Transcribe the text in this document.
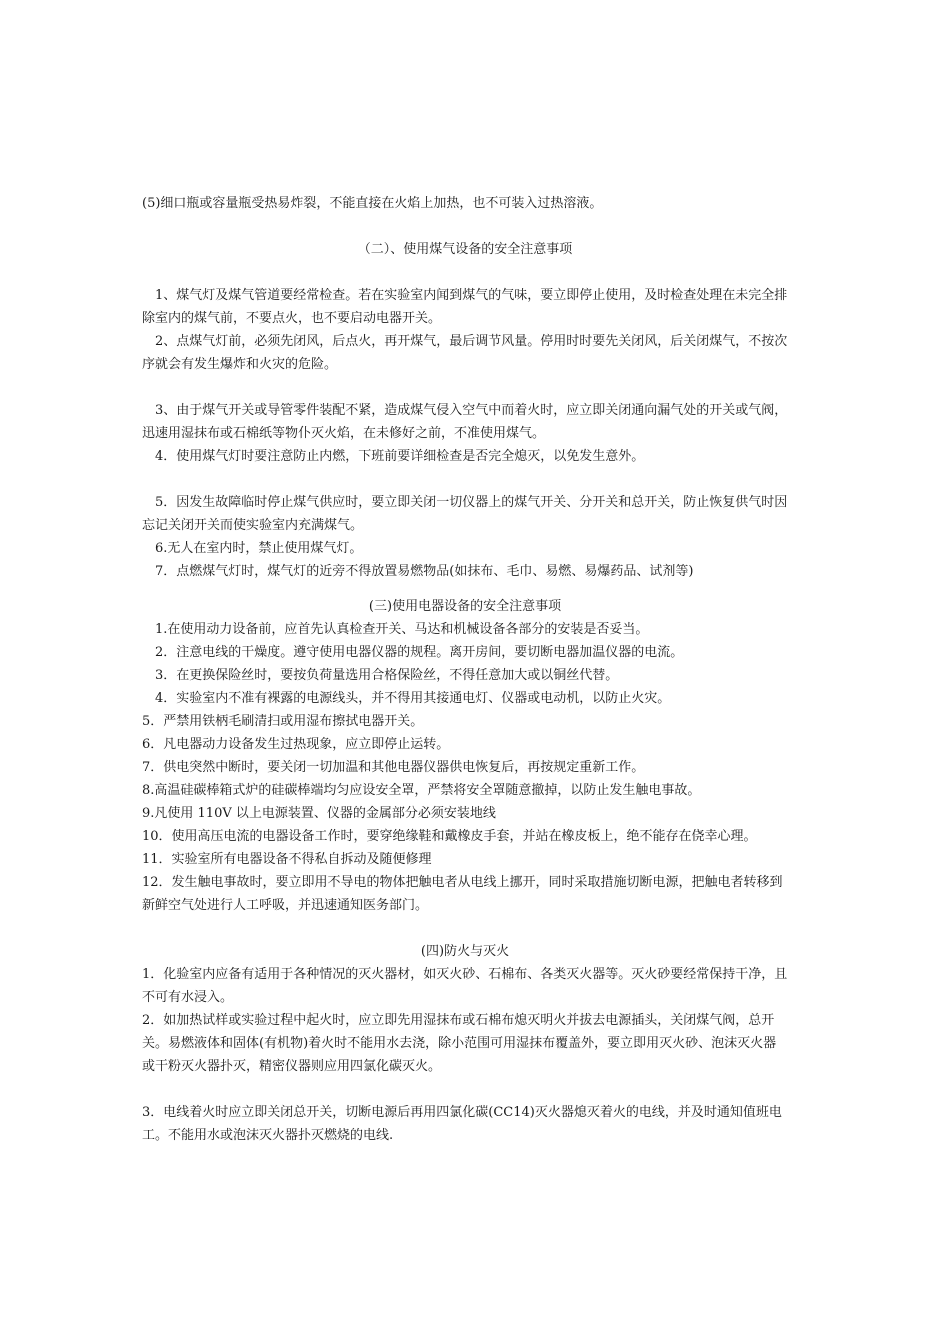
(5)细口瓶或容量瓶受热易炸裂，不能直接在火焰上加热，也不可装入过热溶液。

（二）、使用煤气设备的安全注意事项

1、煤气灯及煤气管道要经常检查。若在实验室内闻到煤气的气味，要立即停止使用，及时检查处理在未完全排除室内的煤气前，不要点火，也不要启动电器开关。

2、点煤气灯前，必须先闭风，后点火，再开煤气，最后调节风量。停用时时要先关闭风，后关闭煤气，不按次序就会有发生爆炸和火灾的危险。

3、由于煤气开关或导管零件装配不紧，造成煤气侵入空气中而着火时，应立即关闭通向漏气处的开关或气阀，迅速用湿抹布或石棉纸等物仆灭火焰，在未修好之前，不准使用煤气。

4．使用煤气灯时要注意防止内燃，下班前要详细检查是否完全熄灭，以免发生意外。

5．因发生故障临时停止煤气供应时，要立即关闭一切仪器上的煤气开关、分开关和总开关，防止恢复供气时因忘记关闭开关而使实验室内充满煤气。

6.无人在室内时，禁止使用煤气灯。

7．点燃煤气灯时，煤气灯的近旁不得放置易燃物品(如抹布、毛巾、易燃、易爆药品、试剂等)

(三)使用电器设备的安全注意事项

1.在使用动力设备前，应首先认真检查开关、马达和机械设备各部分的安装是否妥当。

2．注意电线的干燥度。遵守使用电器仪器的规程。离开房间，要切断电器加温仪器的电流。

3．在更换保险丝时，要按负荷量选用合格保险丝，不得任意加大或以铜丝代替。

4．实验室内不准有裸露的电源线头，并不得用其接通电灯、仪器或电动机，以防止火灾。

5．严禁用铁柄毛刷清扫或用湿布擦拭电器开关。

6．凡电器动力设备发生过热现象，应立即停止运转。

7．供电突然中断时，要关闭一切加温和其他电器仪器供电恢复后，再按规定重新工作。

8.高温硅碳棒箱式炉的硅碳棒端均匀应设安全罩，严禁将安全罩随意撤掉，以防止发生触电事故。

9.凡使用 110V 以上电源装置、仪器的金属部分必须安装地线

10．使用高压电流的电器设备工作时，要穿绝缘鞋和戴橡皮手套，并站在橡皮板上，绝不能存在侥幸心理。

11．实验室所有电器设备不得私自拆动及随便修理

12．发生触电事故时，要立即用不导电的物体把触电者从电线上挪开，同时采取措施切断电源，把触电者转移到新鲜空气处进行人工呼吸，并迅速通知医务部门。

(四)防火与灭火

1．化验室内应备有适用于各种情况的灭火器材，如灭火砂、石棉布、各类灭火器等。灭火砂要经常保持干净，且不可有水浸入。

2．如加热试样或实验过程中起火时，应立即先用湿抹布或石棉布熄灭明火并拔去电源插头，关闭煤气阀，总开关。易燃液体和固体(有机物)着火时不能用水去浇，除小范围可用湿抹布覆盖外，要立即用灭火砂、泡沫灭火器或干粉灭火器扑灭，精密仪器则应用四氯化碳灭火。

3．电线着火时应立即关闭总开关，切断电源后再用四氯化碳(CC14)灭火器熄灭着火的电线，并及时通知值班电工。不能用水或泡沫灭火器扑灭燃烧的电线.
